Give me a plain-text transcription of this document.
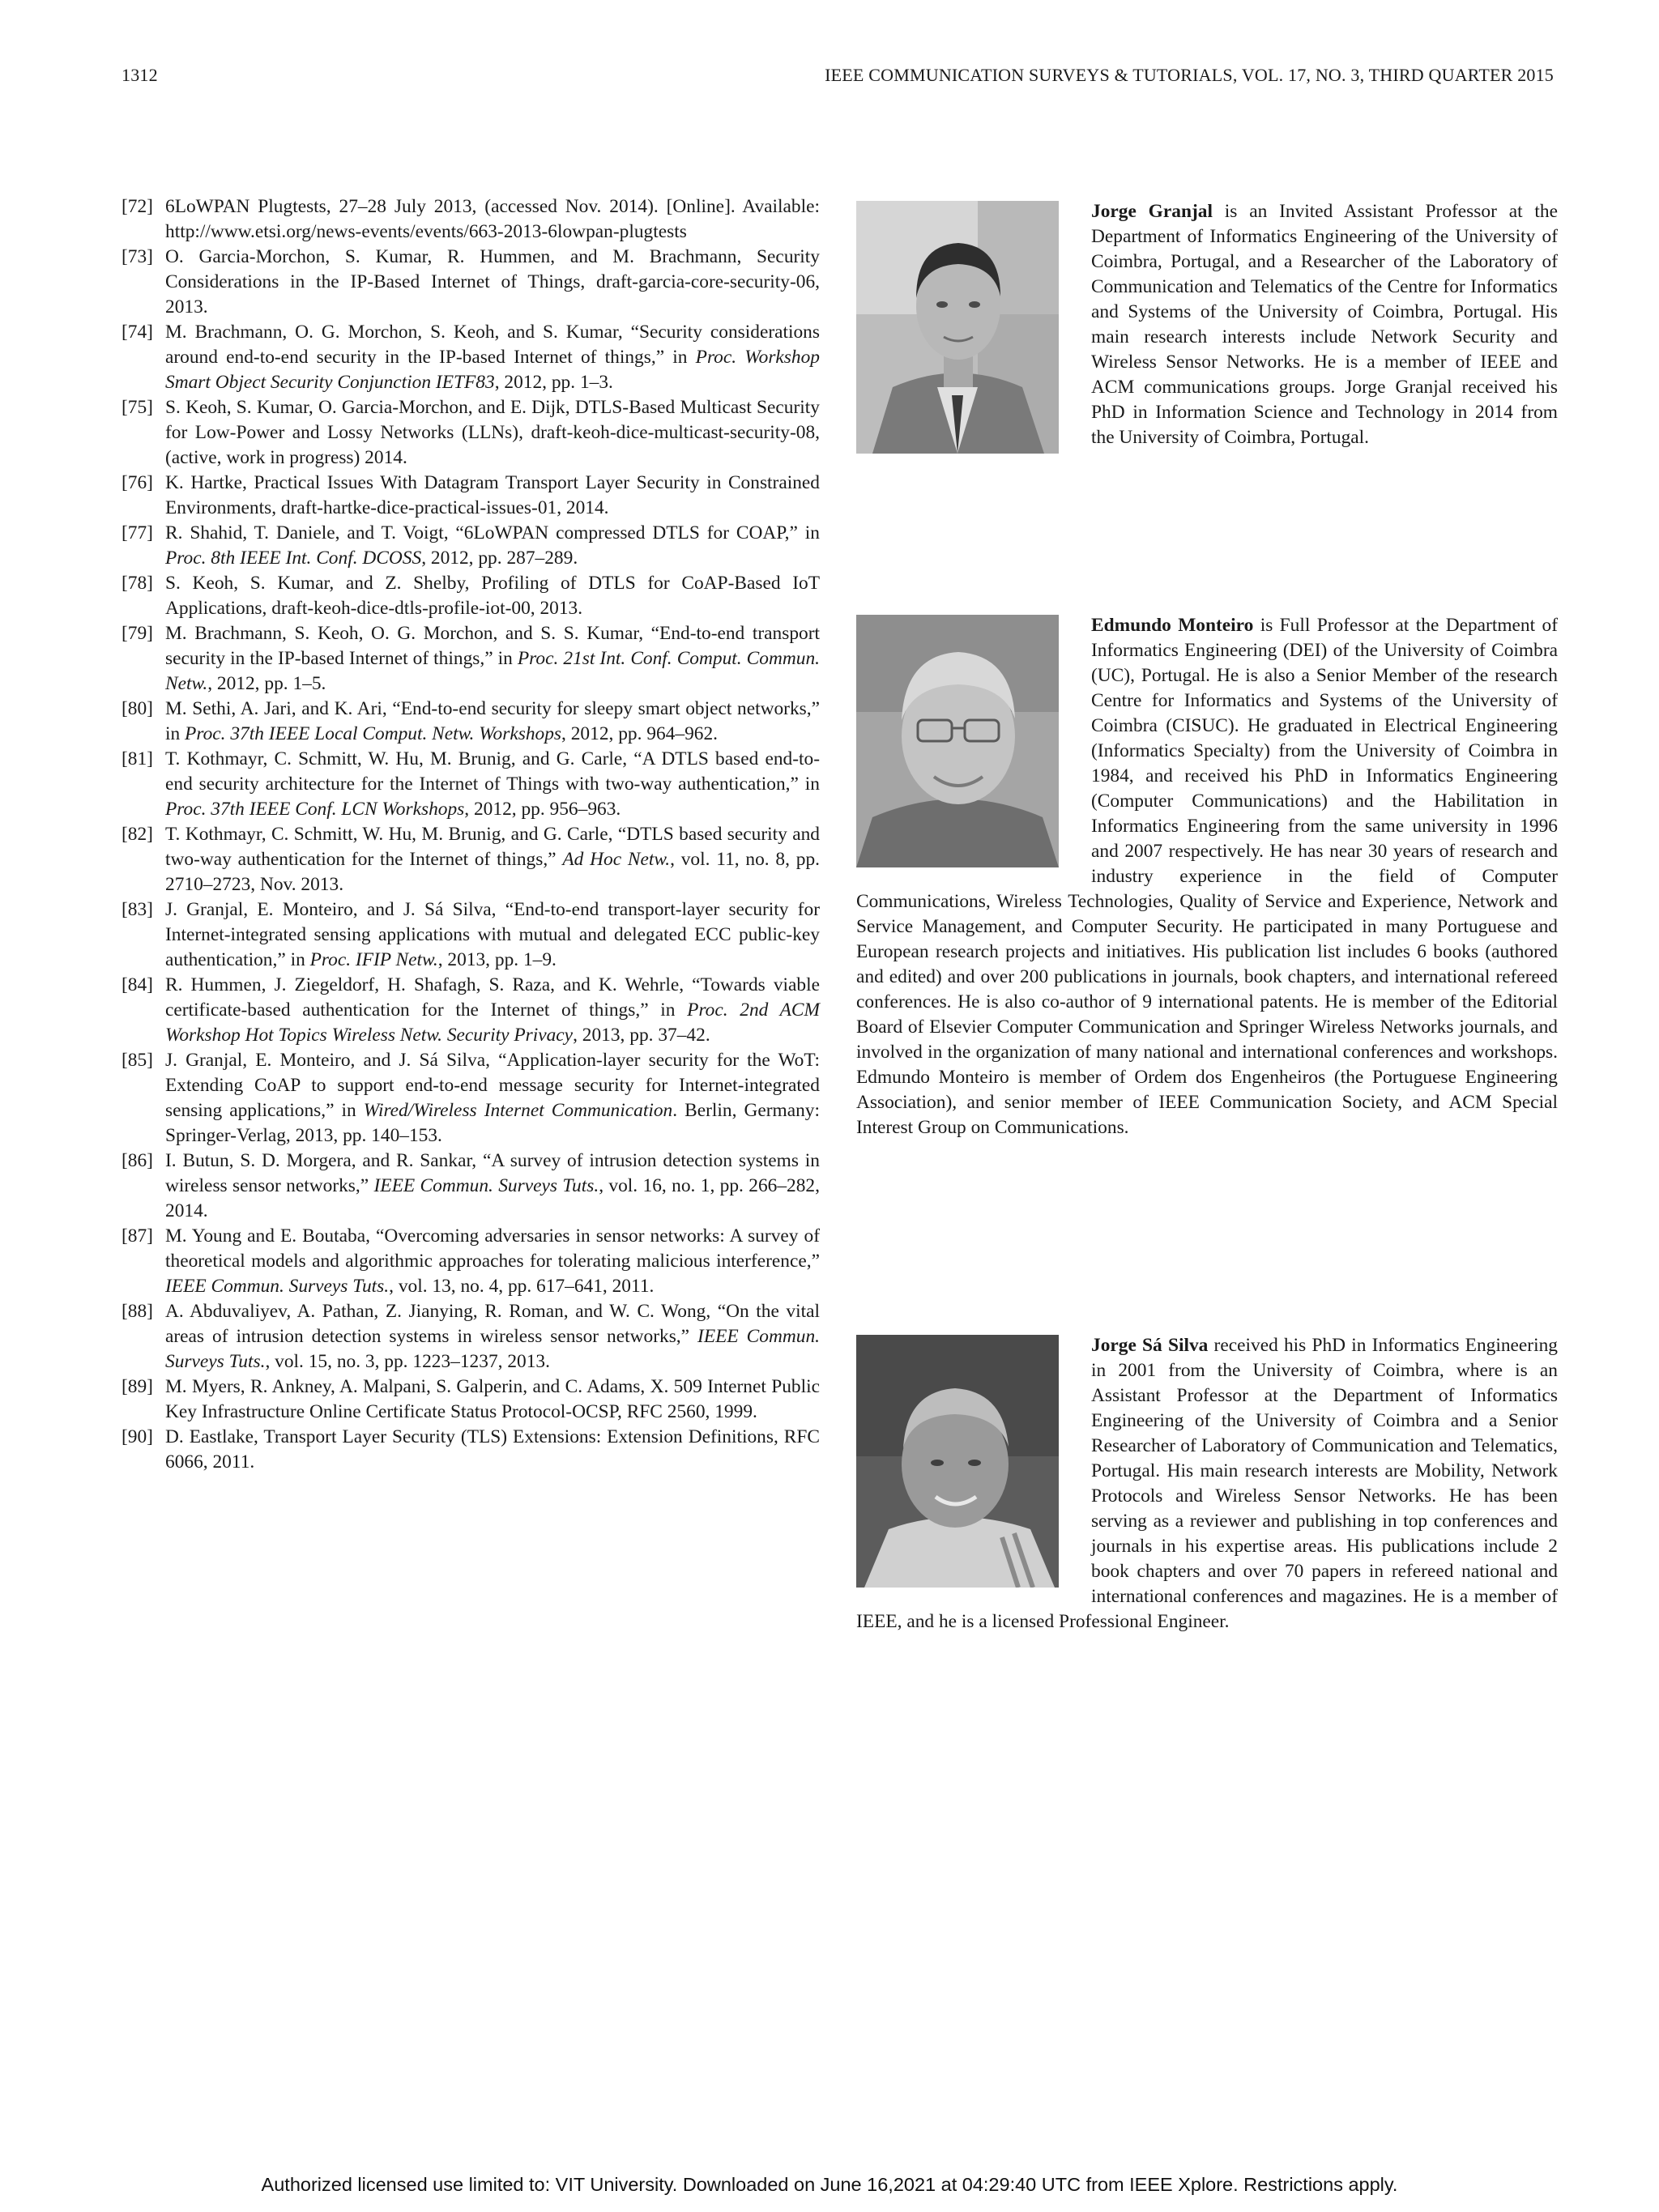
1312	IEEE COMMUNICATION SURVEYS & TUTORIALS, VOL. 17, NO. 3, THIRD QUARTER 2015
[72] 6LoWPAN Plugtests, 27–28 July 2013, (accessed Nov. 2014). [Online]. Available: http://www.etsi.org/news-events/events/663-2013-6lowpan-plugtests
[73] O. Garcia-Morchon, S. Kumar, R. Hummen, and M. Brachmann, Security Considerations in the IP-Based Internet of Things, draft-garcia-core-security-06, 2013.
[74] M. Brachmann, O. G. Morchon, S. Keoh, and S. Kumar, “Security considerations around end-to-end security in the IP-based Internet of things,” in Proc. Workshop Smart Object Security Conjunction IETF83, 2012, pp. 1–3.
[75] S. Keoh, S. Kumar, O. Garcia-Morchon, and E. Dijk, DTLS-Based Multicast Security for Low-Power and Lossy Networks (LLNs), draft-keoh-dice-multicast-security-08, (active, work in progress) 2014.
[76] K. Hartke, Practical Issues With Datagram Transport Layer Security in Constrained Environments, draft-hartke-dice-practical-issues-01, 2014.
[77] R. Shahid, T. Daniele, and T. Voigt, “6LoWPAN compressed DTLS for COAP,” in Proc. 8th IEEE Int. Conf. DCOSS, 2012, pp. 287–289.
[78] S. Keoh, S. Kumar, and Z. Shelby, Profiling of DTLS for CoAP-Based IoT Applications, draft-keoh-dice-dtls-profile-iot-00, 2013.
[79] M. Brachmann, S. Keoh, O. G. Morchon, and S. S. Kumar, “End-to-end transport security in the IP-based Internet of things,” in Proc. 21st Int. Conf. Comput. Commun. Netw., 2012, pp. 1–5.
[80] M. Sethi, A. Jari, and K. Ari, “End-to-end security for sleepy smart object networks,” in Proc. 37th IEEE Local Comput. Netw. Workshops, 2012, pp. 964–962.
[81] T. Kothmayr, C. Schmitt, W. Hu, M. Brunig, and G. Carle, “A DTLS based end-to-end security architecture for the Internet of Things with two-way authentication,” in Proc. 37th IEEE Conf. LCN Workshops, 2012, pp. 956–963.
[82] T. Kothmayr, C. Schmitt, W. Hu, M. Brunig, and G. Carle, “DTLS based security and two-way authentication for the Internet of things,” Ad Hoc Netw., vol. 11, no. 8, pp. 2710–2723, Nov. 2013.
[83] J. Granjal, E. Monteiro, and J. Sá Silva, “End-to-end transport-layer security for Internet-integrated sensing applications with mutual and delegated ECC public-key authentication,” in Proc. IFIP Netw., 2013, pp. 1–9.
[84] R. Hummen, J. Ziegeldorf, H. Shafagh, S. Raza, and K. Wehrle, “Towards viable certificate-based authentication for the Internet of things,” in Proc. 2nd ACM Workshop Hot Topics Wireless Netw. Security Privacy, 2013, pp. 37–42.
[85] J. Granjal, E. Monteiro, and J. Sá Silva, “Application-layer security for the WoT: Extending CoAP to support end-to-end message security for Internet-integrated sensing applications,” in Wired/Wireless Internet Communication. Berlin, Germany: Springer-Verlag, 2013, pp. 140–153.
[86] I. Butun, S. D. Morgera, and R. Sankar, “A survey of intrusion detection systems in wireless sensor networks,” IEEE Commun. Surveys Tuts., vol. 16, no. 1, pp. 266–282, 2014.
[87] M. Young and E. Boutaba, “Overcoming adversaries in sensor networks: A survey of theoretical models and algorithmic approaches for tolerating malicious interference,” IEEE Commun. Surveys Tuts., vol. 13, no. 4, pp. 617–641, 2011.
[88] A. Abduvaliyev, A. Pathan, Z. Jianying, R. Roman, and W. C. Wong, “On the vital areas of intrusion detection systems in wireless sensor networks,” IEEE Commun. Surveys Tuts., vol. 15, no. 3, pp. 1223–1237, 2013.
[89] M. Myers, R. Ankney, A. Malpani, S. Galperin, and C. Adams, X. 509 Internet Public Key Infrastructure Online Certificate Status Protocol-OCSP, RFC 2560, 1999.
[90] D. Eastlake, Transport Layer Security (TLS) Extensions: Extension Definitions, RFC 6066, 2011.
Jorge Granjal is an Invited Assistant Professor at the Department of Informatics Engineering of the University of Coimbra, Portugal, and a Researcher of the Laboratory of Communication and Telematics of the Centre for Informatics and Systems of the University of Coimbra, Portugal. His main research interests include Network Security and Wireless Sensor Networks. He is a member of IEEE and ACM communications groups. Jorge Granjal received his PhD in Information Science and Technology in 2014 from the University of Coimbra, Portugal.
Edmundo Monteiro is Full Professor at the Department of Informatics Engineering (DEI) of the University of Coimbra (UC), Portugal. He is also a Senior Member of the research Centre for Informatics and Systems of the University of Coimbra (CISUC). He graduated in Electrical Engineering (Informatics Specialty) from the University of Coimbra in 1984, and received his PhD in Informatics Engineering (Computer Communications) and the Habilitation in Informatics Engineering from the same university in 1996 and 2007 respectively. He has near 30 years of research and industry experience in the field of Computer Communications, Wireless Technologies, Quality of Service and Experience, Network and Service Management, and Computer Security. He participated in many Portuguese and European research projects and initiatives. His publication list includes 6 books (authored and edited) and over 200 publications in journals, book chapters, and international refereed conferences. He is also co-author of 9 international patents. He is member of the Editorial Board of Elsevier Computer Communication and Springer Wireless Networks journals, and involved in the organization of many national and international conferences and workshops. Edmundo Monteiro is member of Ordem dos Engenheiros (the Portuguese Engineering Association), and senior member of IEEE Communication Society, and ACM Special Interest Group on Communications.
Jorge Sá Silva received his PhD in Informatics Engineering in 2001 from the University of Coimbra, where is an Assistant Professor at the Department of Informatics Engineering of the University of Coimbra and a Senior Researcher of Laboratory of Communication and Telematics, Portugal. His main research interests are Mobility, Network Protocols and Wireless Sensor Networks. He has been serving as a reviewer and publishing in top conferences and journals in his expertise areas. His publications include 2 book chapters and over 70 papers in refereed national and international conferences and magazines. He is a member of IEEE, and he is a licensed Professional Engineer.
Authorized licensed use limited to: VIT University. Downloaded on June 16,2021 at 04:29:40 UTC from IEEE Xplore. Restrictions apply.
